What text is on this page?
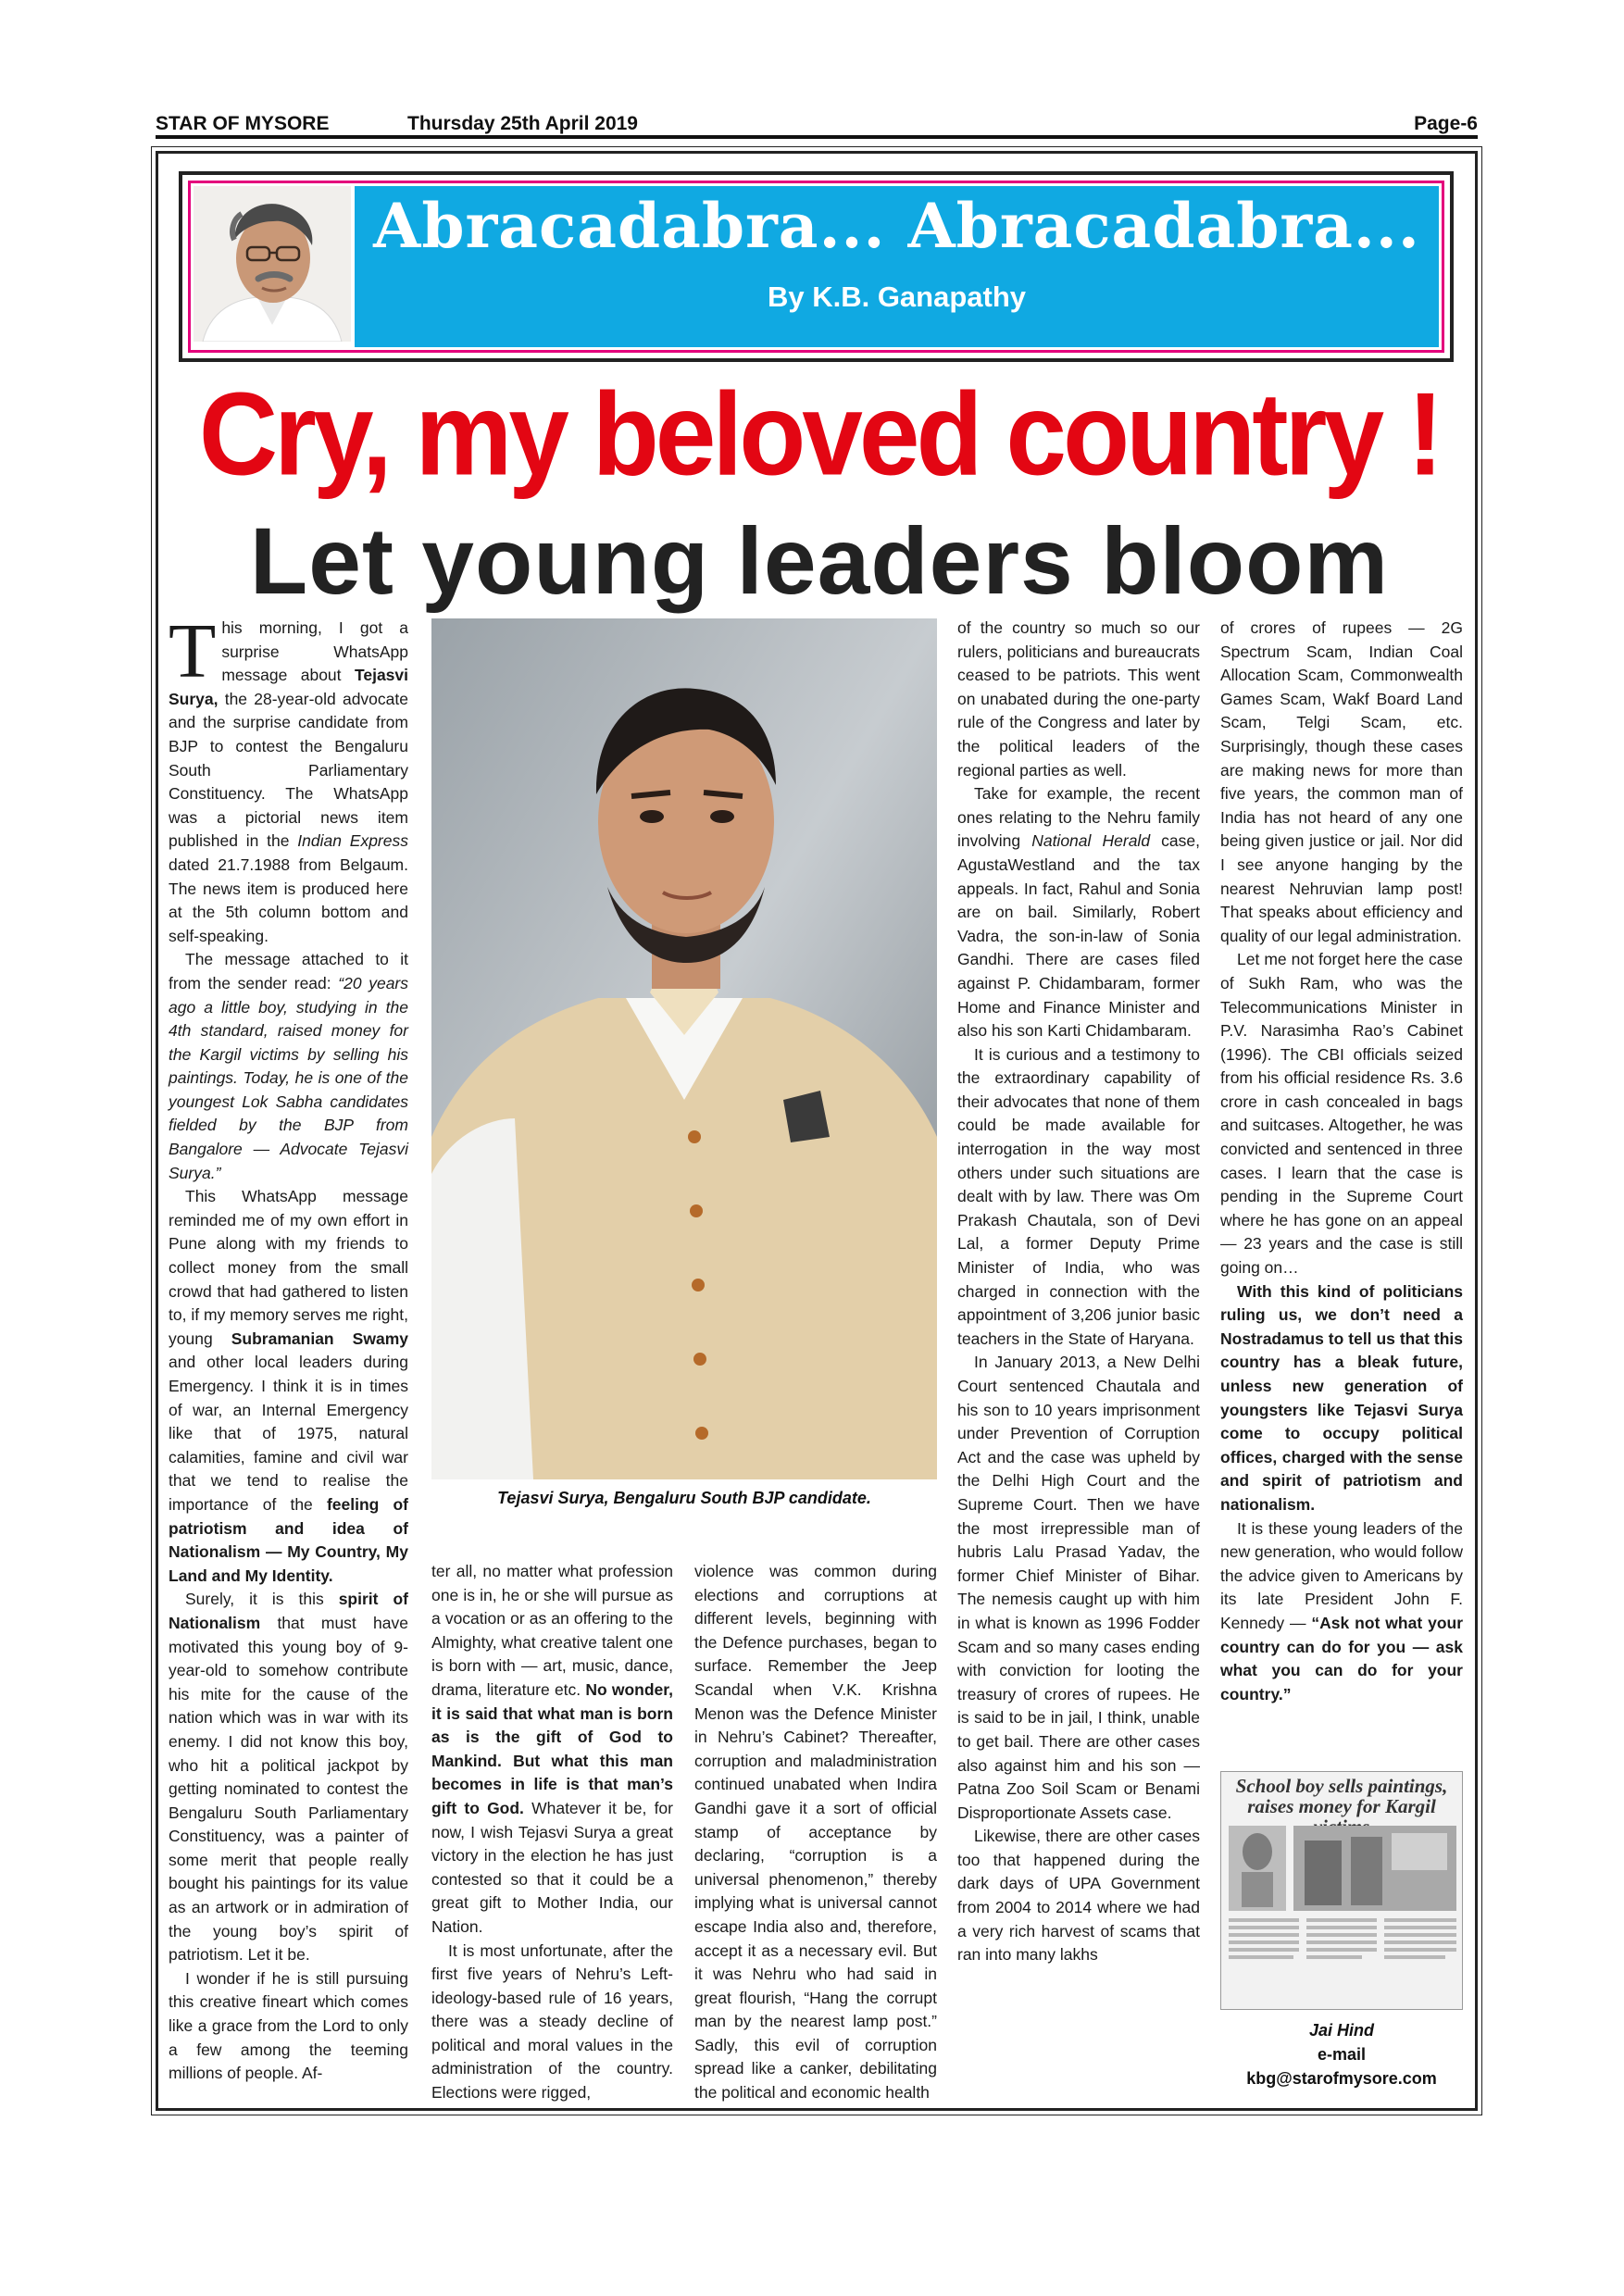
STAR OF MYSORE	Thursday 25th April 2019	Page-6
Abracadabra... Abracadabra...
By K.B. Ganapathy
Cry, my beloved country !
Let young leaders bloom

This morning, I got a surprise WhatsApp message about Tejasvi Surya, the 28-year-old advocate and the surprise candidate from BJP to contest the Bengaluru South Parliamentary Constituency. The WhatsApp was a pictorial news item published in the Indian Express dated 21.7.1988 from Belgaum. The news item is produced here at the 5th column bottom and self-speaking.

The message attached to it from the sender read: “20 years ago a little boy, studying in the 4th standard, raised money for the Kargil victims by selling his paintings. Today, he is one of the youngest Lok Sabha candidates fielded by the BJP from Bangalore — Advocate Tejasvi Surya.”

This WhatsApp message reminded me of my own effort in Pune along with my friends to collect money from the small crowd that had gathered to listen to, if my memory serves me right, young Subramanian Swamy and other local leaders during Emergency. I think it is in times of war, an Internal Emergency like that of 1975, natural calamities, famine and civil war that we tend to realise the importance of the feeling of patriotism and idea of Nationalism — My Country, My Land and My Identity.

Surely, it is this spirit of Nationalism that must have motivated this young boy of 9-year-old to somehow contribute his mite for the cause of the nation which was in war with its enemy. I did not know this boy, who hit a political jackpot by getting nominated to contest the Bengaluru South Parliamentary Constituency, was a painter of some merit that people really bought his paintings for its value as an artwork or in admiration of the young boy’s spirit of patriotism. Let it be.

I wonder if he is still pursuing this creative fineart which comes like a grace from the Lord to only a few among the teeming millions of people. Af-

Tejasvi Surya, Bengaluru South BJP candidate.

ter all, no matter what profession one is in, he or she will pursue as a vocation or as an offering to the Almighty, what creative talent one is born with — art, music, dance, drama, literature etc. No wonder, it is said that what man is born as is the gift of God to Mankind. But what this man becomes in life is that man’s gift to God. Whatever it be, for now, I wish Tejasvi Surya a great victory in the election he has just contested so that it could be a great gift to Mother India, our Nation.

It is most unfortunate, after the first five years of Nehru’s Left-ideology-based rule of 16 years, there was a steady decline of political and moral values in the administration of the country. Elections were rigged,

violence was common during elections and corruptions at different levels, beginning with the Defence purchases, began to surface. Remember the Jeep Scandal when V.K. Krishna Menon was the Defence Minister in Nehru’s Cabinet? Thereafter, corruption and maladministration continued unabated when Indira Gandhi gave it a sort of official stamp of acceptance by declaring, “corruption is a universal phenomenon,” thereby implying what is universal cannot escape India also and, therefore, accept it as a necessary evil. But it was Nehru who had said in great flourish, “Hang the corrupt man by the nearest lamp post.” Sadly, this evil of corruption spread like a canker, debilitating the political and economic health

of the country so much so our rulers, politicians and bureaucrats ceased to be patriots. This went on unabated during the one-party rule of the Congress and later by the political leaders of the regional parties as well.

Take for example, the recent ones relating to the Nehru family involving National Herald case, AgustaWestland and the tax appeals. In fact, Rahul and Sonia are on bail. Similarly, Robert Vadra, the son-in-law of Sonia Gandhi. There are cases filed against P. Chidambaram, former Home and Finance Minister and also his son Karti Chidambaram.

It is curious and a testimony to the extraordinary capability of their advocates that none of them could be made available for interrogation in the way most others under such situations are dealt with by law. There was Om Prakash Chautala, son of Devi Lal, a former Deputy Prime Minister of India, who was charged in connection with the appointment of 3,206 junior basic teachers in the State of Haryana.

In January 2013, a New Delhi Court sentenced Chautala and his son to 10 years imprisonment under Prevention of Corruption Act and the case was upheld by the Delhi High Court and the Supreme Court. Then we have the most irrepressible man of hubris Lalu Prasad Yadav, the former Chief Minister of Bihar. The nemesis caught up with him in what is known as 1996 Fodder Scam and so many cases ending with conviction for looting the treasury of crores of rupees. He is said to be in jail, I think, unable to get bail. There are other cases also against him and his son — Patna Zoo Soil Scam or Benami Disproportionate Assets case.

Likewise, there are other cases too that happened during the dark days of UPA Government from 2004 to 2014 where we had a very rich harvest of scams that ran into many lakhs

of crores of rupees — 2G Spectrum Scam, Indian Coal Allocation Scam, Commonwealth Games Scam, Wakf Board Land Scam, Telgi Scam, etc. Surprisingly, though these cases are making news for more than five years, the common man of India has not heard of any one being given justice or jail. Nor did I see anyone hanging by the nearest Nehruvian lamp post! That speaks about efficiency and quality of our legal administration.

Let me not forget here the case of Sukh Ram, who was the Telecommunications Minister in P.V. Narasimha Rao’s Cabinet (1996). The CBI officials seized from his official residence Rs. 3.6 crore in cash concealed in bags and suitcases. Altogether, he was convicted and sentenced in three cases. I learn that the case is pending in the Supreme Court where he has gone on an appeal — 23 years and the case is still going on…

With this kind of politicians ruling us, we don’t need a Nostradamus to tell us that this country has a bleak future, unless new generation of youngsters like Tejasvi Surya come to occupy political offices, charged with the sense and spirit of patriotism and nationalism.

It is these young leaders of the new generation, who would follow the advice given to Americans by its late President John F. Kennedy — “Ask not what your country can do for you — ask what you can do for your country.”

School boy sells paintings, raises money for Kargil
Jai Hind
e-mail
kbg@starofmysore.com
